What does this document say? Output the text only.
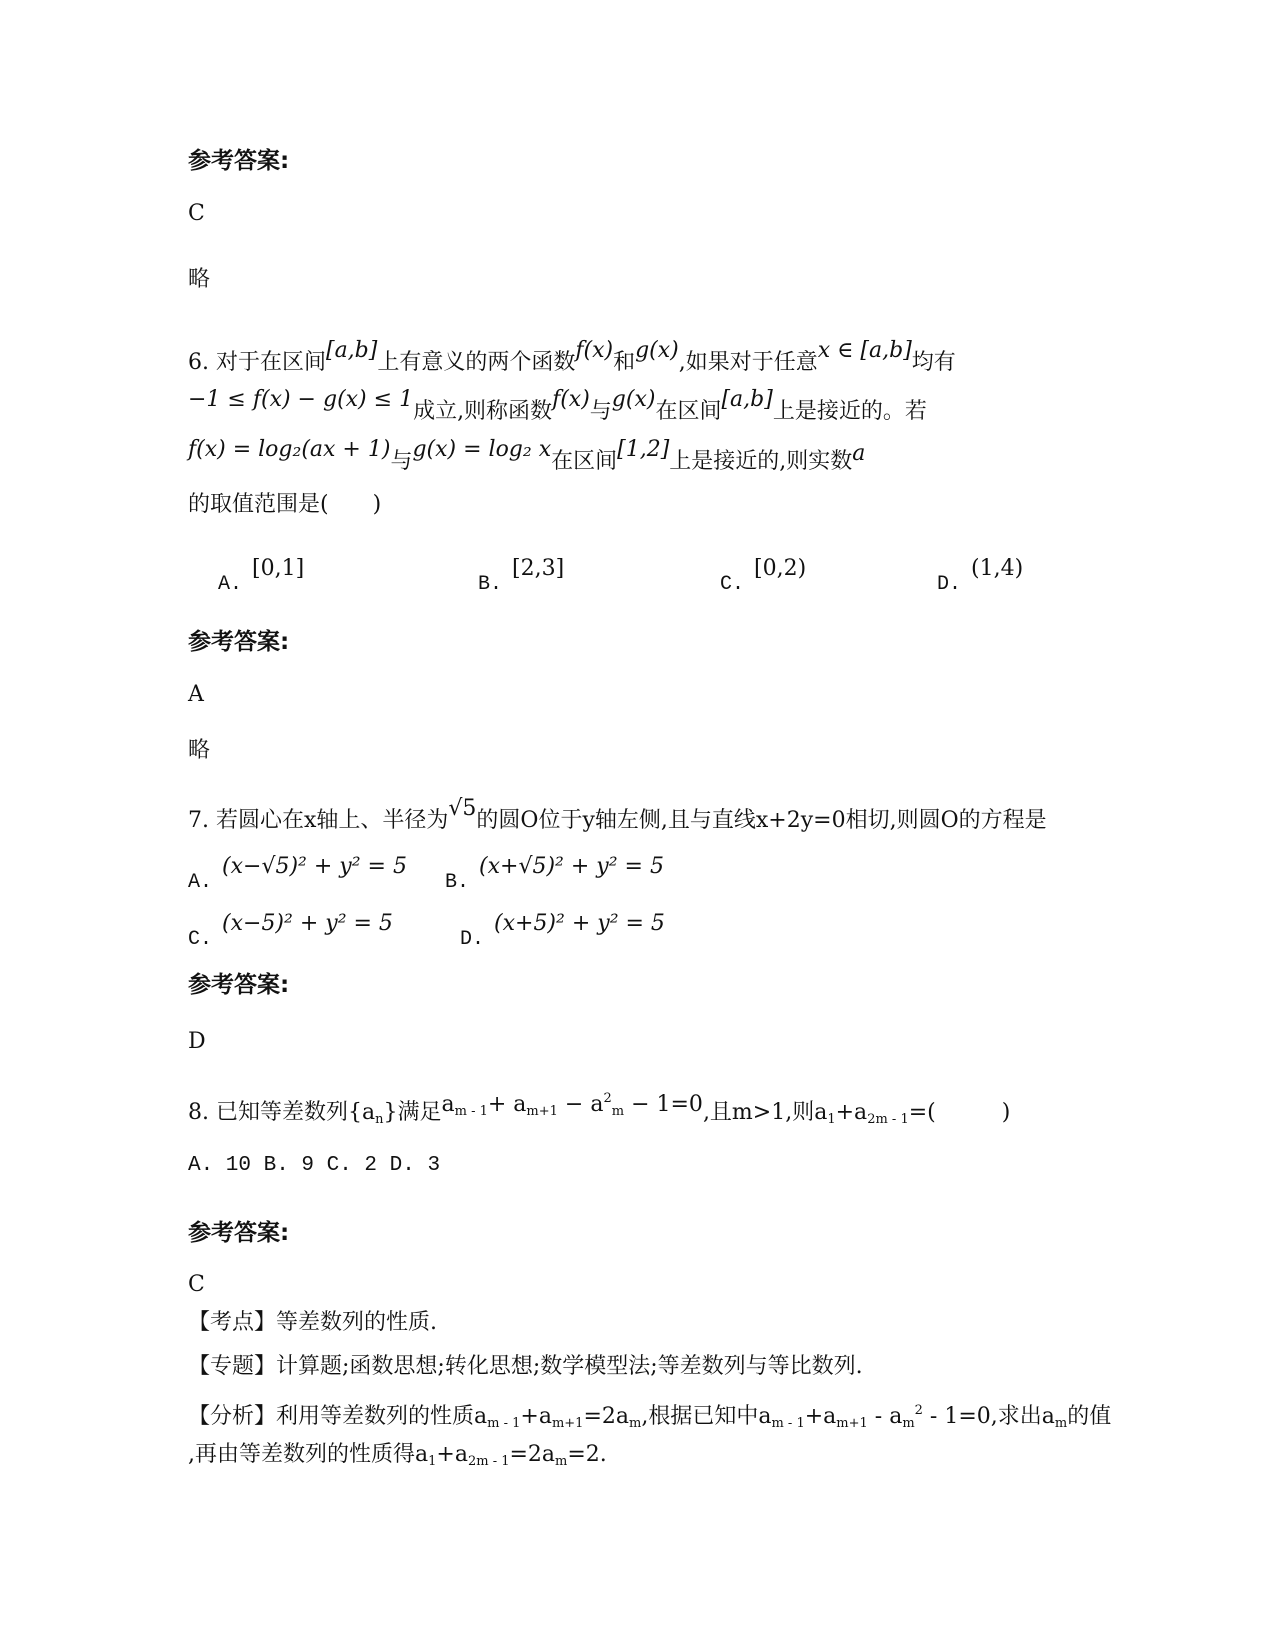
参考答案:
C
略
6. 对于在区间[a,b]上有意义的两个函数f(x)和g(x),如果对于任意x ∈ [a,b]均有
−1 ≤ f(x) − g(x) ≤ 1成立,则称函数f(x)与g(x)在区间[a,b]上是接近的。若
f(x) = log₂(ax + 1)与g(x) = log₂ x在区间[1,2]上是接近的,则实数a
的取值范围是(　　)
A.[0,1]
B.[2,3]
C.[0,2)
D.(1,4)
参考答案:
A
略
7. 若圆心在x轴上、半径为√5的圆O位于y轴左侧,且与直线x+2y=0相切,则圆O的方程是
A.(x−√5)² + y² = 5
B.(x+√5)² + y² = 5
C.(x−5)² + y² = 5
D.(x+5)² + y² = 5
参考答案:
D
8. 已知等差数列$\{a_n\}$满足$a_{m - 1}+ a_{m+1} - a^2_m - 1=0$,且m>1,则$a_1+a_{2m - 1}=$(　　　)
A. 10 B. 9 C. 2 D. 3
参考答案:
C
【考点】等差数列的性质.
【专题】计算题;函数思想;转化思想;数学模型法;等差数列与等比数列.
【分析】利用等差数列的性质$a_{m - 1}+a_{m+1}=2a_m$,根据已知中$a_{m - 1}+a_{m+1} - a_m^2 - 1=0$,求出$a_m$的值
,再由等差数列的性质得$a_1+a_{2m - 1}=2a_m=2$.
